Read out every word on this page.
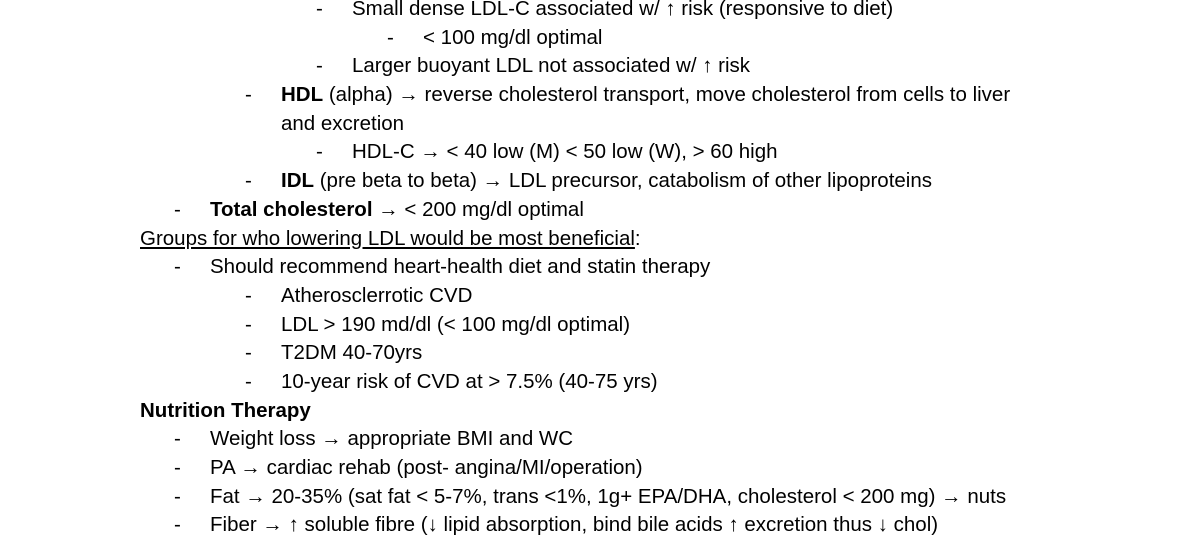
- Small dense LDL-C associated w/ ↑ risk (responsive to diet)
- < 100 mg/dl optimal
- Larger buoyant LDL not associated w/ ↑ risk
- HDL (alpha) → reverse cholesterol transport, move cholesterol from cells to liver
and excretion
- HDL-C → < 40 low (M) < 50 low (W), > 60 high
- IDL (pre beta to beta) → LDL precursor, catabolism of other lipoproteins
- Total cholesterol → < 200 mg/dl optimal
Groups for who lowering LDL would be most beneficial:
- Should recommend heart-health diet and statin therapy
- Atherosclerrotic CVD
- LDL > 190 md/dl (< 100 mg/dl optimal)
- T2DM 40-70yrs
- 10-year risk of CVD at > 7.5% (40-75 yrs)
Nutrition Therapy
- Weight loss → appropriate BMI and WC
- PA → cardiac rehab (post- angina/MI/operation)
- Fat → 20-35% (sat fat < 5-7%, trans <1%, 1g+ EPA/DHA, cholesterol < 200 mg) → nuts
- Fiber → ↑ soluble fibre (↓ lipid absorption, bind bile acids ↑ excretion thus ↓ chol)
